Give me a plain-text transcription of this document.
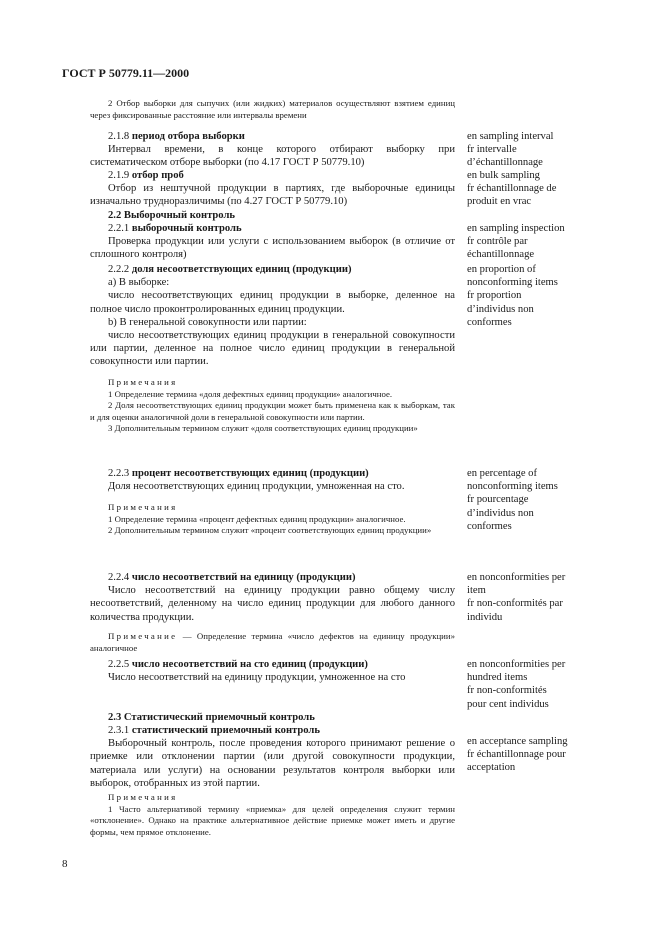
ГОСТ Р 50779.11—2000
2 Отбор выборки для сыпучих (или жидких) материалов осуществляют взятием единиц через фиксированные расстояние или интервалы времени
2.1.8 период отбора выборки
Интервал времени, в конце которого отбирают выборку при систематическом отборе выборки (по 4.17 ГОСТ Р 50779.10)
en sampling interval
fr intervalle
d’échantillonnage
2.1.9 отбор проб
Отбор из нештучной продукции в партиях, где выборочные единицы изначально трудноразличимы (по 4.27 ГОСТ Р 50779.10)
en bulk sampling
fr échantillonnage de
produit en vrac
2.2 Выборочный контроль
2.2.1 выборочный контроль
Проверка продукции или услуги с использованием выборок (в отличие от сплошного контроля)
en sampling inspection
fr contrôle par
échantillonnage
2.2.2 доля несоответствующих единиц (продукции)
a) В выборке:
число несоответствующих единиц продукции в выборке, деленное на полное число проконтролированных единиц продукции.
b) В генеральной совокупности или партии:
число несоответствующих единиц продукции в генеральной совокупности или партии, деленное на полное число единиц продукции в генеральной совокупности или партии.
en proportion of
nonconforming items
fr proportion
d’individus non
conformes
Примечания
1 Определение термина «доля дефектных единиц продукции» аналогичное.
2 Доля несоответствующих единиц продукции может быть применена как к выборкам, так и для оценки аналогичной доли в генеральной совокупности или партии.
3 Дополнительным термином служит «доля соответствующих единиц продукции»
2.2.3 процент несоответствующих единиц (продукции)
Доля несоответствующих единиц продукции, умноженная на сто.
en percentage of
nonconforming items
fr pourcentage
d’individus non
conformes
Примечания
1 Определение термина «процент дефектных единиц продукции» аналогичное.
2 Дополнительным термином служит «процент соответствующих единиц продукции»
2.2.4 число несоответствий на единицу (продукции)
Число несоответствий на единицу продукции равно общему числу несоответствий, деленному на число единиц продукции для любого данного количества продукции.
en nonconformities per
item
fr non-conformités par
individu
Примечание — Определение термина «число дефектов на единицу продукции» аналогичное
2.2.5 число несоответствий на сто единиц (продукции)
Число несоответствий на единицу продукции, умноженное на сто
en nonconformities per
hundred items
fr non-conformités
pour cent individus
2.3 Статистический приемочный контроль
2.3.1 статистический приемочный контроль
Выборочный контроль, после проведения которого принимают решение о приемке или отклонении партии (или другой совокупности продукции, материала или услуги) на основании результатов контроля выборки или выборок, отобранных из этой партии.
en acceptance sampling
fr échantillonnage pour
acceptation
Примечания
1 Часто альтернативой термину «приемка» для целей определения служит термин «отклонение». Однако на практике альтернативное действие приемке может иметь и другие формы, чем прямое отклонение.
8
